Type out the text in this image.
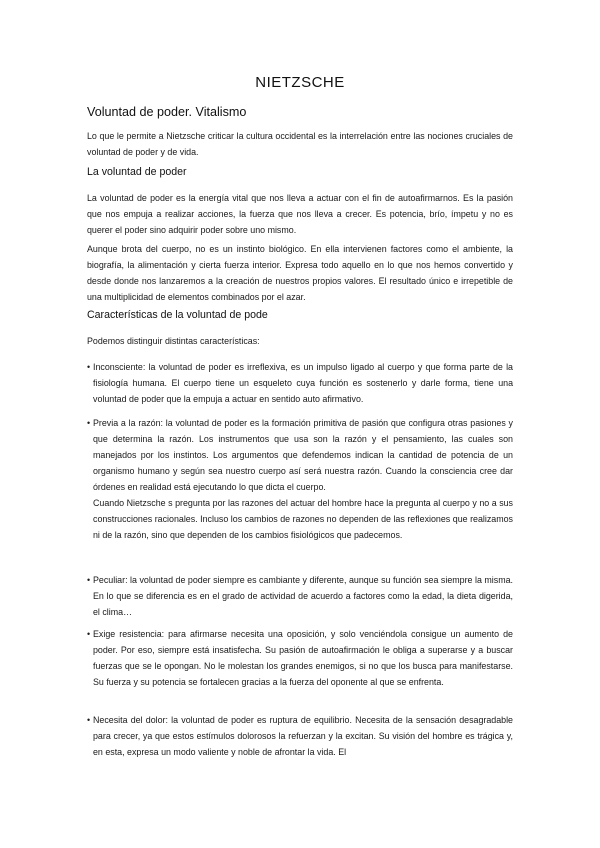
NIETZSCHE
Voluntad de poder. Vitalismo
Lo que le permite a Nietzsche criticar la cultura occidental es la interrelación entre las nociones cruciales de voluntad de poder y de vida.
La voluntad de poder
La voluntad de poder es la energía vital que nos lleva a actuar con el fin de autoafirmarnos. Es la pasión que nos empuja a realizar acciones, la fuerza que nos lleva a crecer. Es potencia, brío, ímpetu y no es querer el poder sino adquirir poder sobre uno mismo.
Aunque brota del cuerpo, no es un instinto biológico. En ella intervienen factores como el ambiente, la biografía, la alimentación y cierta fuerza interior. Expresa todo aquello en lo que nos hemos convertido y desde donde nos lanzaremos a la creación de nuestros propios valores. El resultado único e irrepetible de una multiplicidad de elementos combinados por el azar.
Características de la voluntad de pode
Podemos distinguir distintas características:
• Inconsciente: la voluntad de poder es irreflexiva, es un impulso ligado al cuerpo y que forma parte de la fisiología humana. El cuerpo tiene un esqueleto cuya función es sostenerlo y darle forma, tiene una voluntad de poder que la empuja a actuar en sentido auto afirmativo.
• Previa a la razón: la voluntad de poder es la formación primitiva de pasión que configura otras pasiones y que determina la razón. Los instrumentos que usa son la razón y el pensamiento, las cuales son manejados por los instintos. Los argumentos que defendemos indican la cantidad de potencia de un organismo humano y según sea nuestro cuerpo así será nuestra razón. Cuando la consciencia cree dar órdenes en realidad está ejecutando lo que dicta el cuerpo.
Cuando Nietzsche s pregunta por las razones del actuar del hombre hace la pregunta al cuerpo y no a sus construcciones racionales. Incluso los cambios de razones no dependen de las reflexiones que realizamos ni de la razón, sino que dependen de los cambios fisiológicos que padecemos.
• Peculiar: la voluntad de poder siempre es cambiante y diferente, aunque su función sea siempre la misma. En lo que se diferencia es en el grado de actividad de acuerdo a factores como la edad, la dieta digerida, el clima…
• Exige resistencia: para afirmarse necesita una oposición, y solo venciéndola consigue un aumento de poder. Por eso, siempre está insatisfecha. Su pasión de autoafirmación le obliga a superarse y a buscar fuerzas que se le opongan. No le molestan los grandes enemigos, si no que los busca para manifestarse. Su fuerza y su potencia se fortalecen gracias a la fuerza del oponente al que se enfrenta.
• Necesita del dolor: la voluntad de poder es ruptura de equilibrio. Necesita de la sensación desagradable para crecer, ya que estos estímulos dolorosos la refuerzan y la excitan. Su visión del hombre es trágica y, en esta, expresa un modo valiente y noble de afrontar la vida. El
